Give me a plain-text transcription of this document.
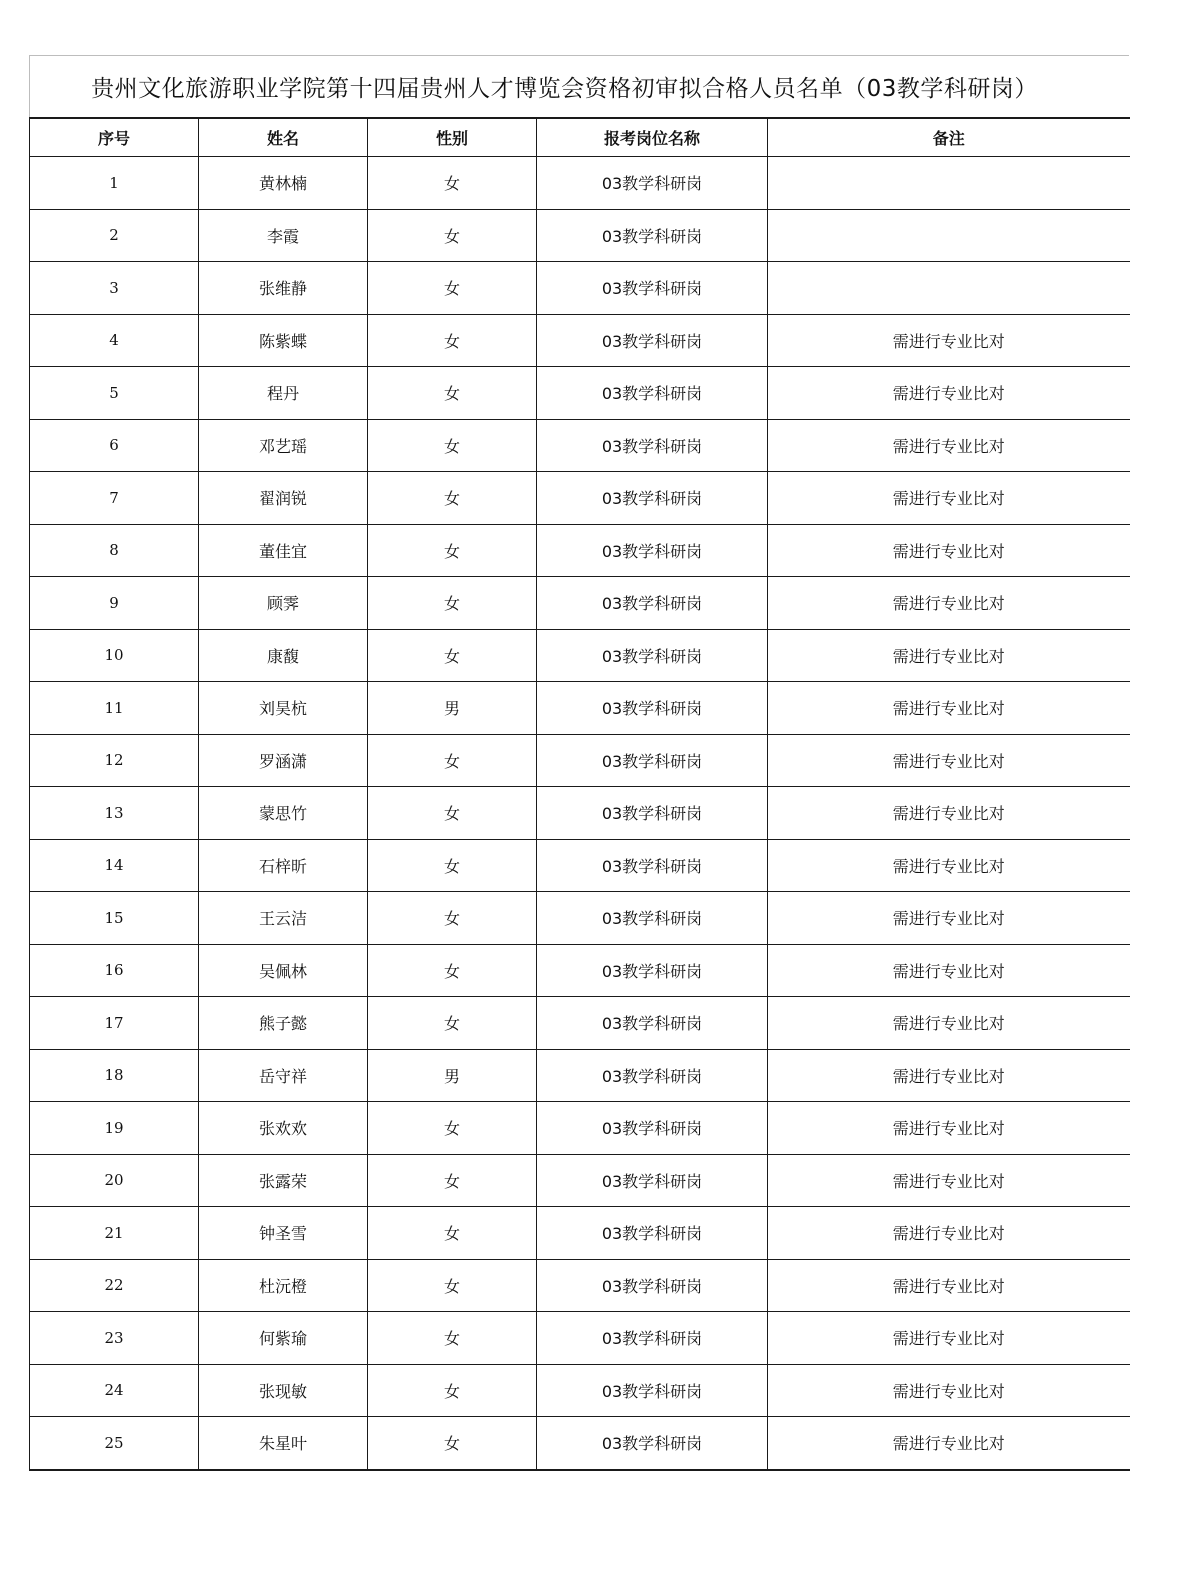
贵州文化旅游职业学院第十四届贵州人才博览会资格初审拟合格人员名单（03教学科研岗）
序号	姓名	性别	报考岗位名称	备注
1	黄林楠	女	03教学科研岗	
2	李霞	女	03教学科研岗	
3	张维静	女	03教学科研岗	
4	陈紫蝶	女	03教学科研岗	需进行专业比对
5	程丹	女	03教学科研岗	需进行专业比对
6	邓艺瑶	女	03教学科研岗	需进行专业比对
7	翟润锐	女	03教学科研岗	需进行专业比对
8	董佳宜	女	03教学科研岗	需进行专业比对
9	顾霁	女	03教学科研岗	需进行专业比对
10	康馥	女	03教学科研岗	需进行专业比对
11	刘昊杭	男	03教学科研岗	需进行专业比对
12	罗涵潇	女	03教学科研岗	需进行专业比对
13	蒙思竹	女	03教学科研岗	需进行专业比对
14	石梓昕	女	03教学科研岗	需进行专业比对
15	王云洁	女	03教学科研岗	需进行专业比对
16	吴佩林	女	03教学科研岗	需进行专业比对
17	熊子懿	女	03教学科研岗	需进行专业比对
18	岳守祥	男	03教学科研岗	需进行专业比对
19	张欢欢	女	03教学科研岗	需进行专业比对
20	张露荣	女	03教学科研岗	需进行专业比对
21	钟圣雪	女	03教学科研岗	需进行专业比对
22	杜沅橙	女	03教学科研岗	需进行专业比对
23	何紫瑜	女	03教学科研岗	需进行专业比对
24	张现敏	女	03教学科研岗	需进行专业比对
25	朱星叶	女	03教学科研岗	需进行专业比对
